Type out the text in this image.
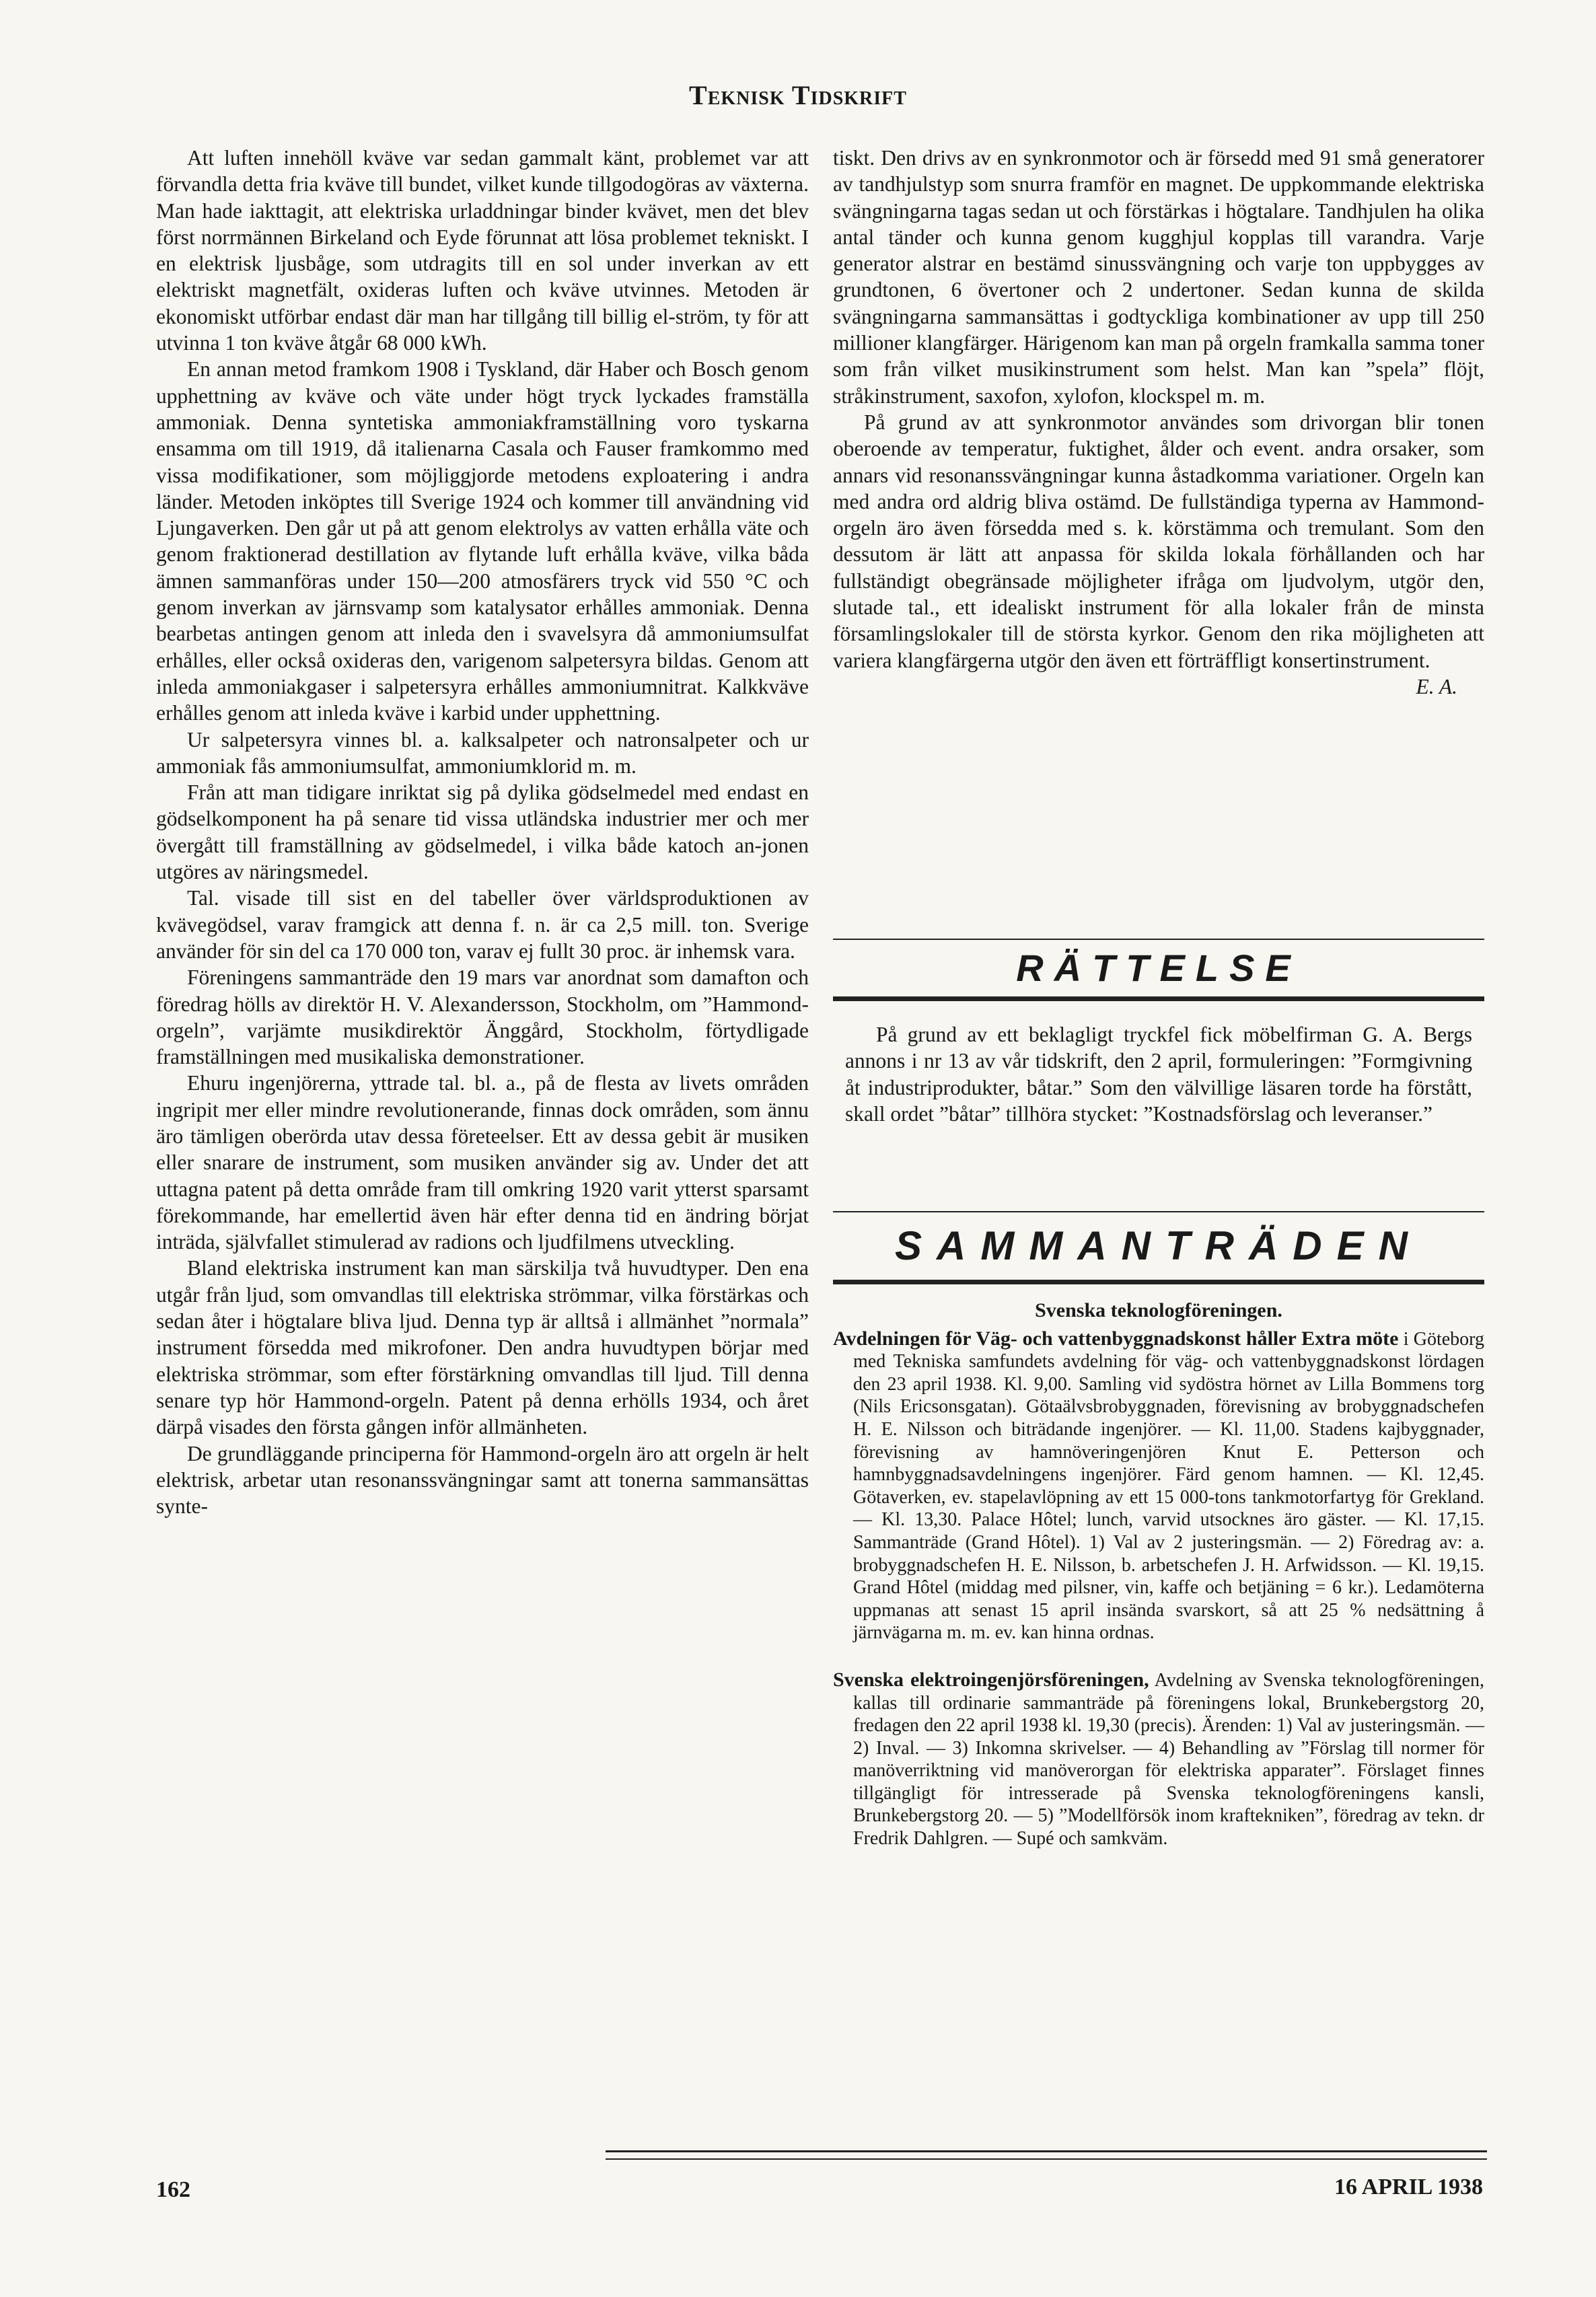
Teknisk Tidskrift

Att luften innehöll kväve var sedan gammalt känt, problemet var att förvandla detta fria kväve till bundet, vilket kunde tillgodogöras av växterna. Man hade iakttagit, att elektriska urladdningar binder kvävet, men det blev först norrmännen Birkeland och Eyde förunnat att lösa problemet tekniskt. I en elektrisk ljusbåge, som utdragits till en sol under inverkan av ett elektriskt magnetfält, oxideras luften och kväve utvinnes. Metoden är ekonomiskt utförbar endast där man har tillgång till billig el-ström, ty för att utvinna 1 ton kväve åtgår 68 000 kWh.

En annan metod framkom 1908 i Tyskland, där Haber och Bosch genom upphettning av kväve och väte under högt tryck lyckades framställa ammoniak. Denna syntetiska ammoniakframställning voro tyskarna ensamma om till 1919, då italienarna Casala och Fauser framkommo med vissa modifikationer, som möjliggjorde metodens exploatering i andra länder. Metoden inköptes till Sverige 1924 och kommer till användning vid Ljungaverken. Den går ut på att genom elektrolys av vatten erhålla väte och genom fraktionerad destillation av flytande luft erhålla kväve, vilka båda ämnen sammanföras under 150—200 atmosfärers tryck vid 550 °C och genom inverkan av järnsvamp som katalysator erhålles ammoniak. Denna bearbetas antingen genom att inleda den i svavelsyra då ammoniumsulfat erhålles, eller också oxideras den, varigenom salpetersyra bildas. Genom att inleda ammoniakgaser i salpetersyra erhålles ammoniumnitrat. Kalkkväve erhålles genom att inleda kväve i karbid under upphettning.

Ur salpetersyra vinnes bl. a. kalksalpeter och natronsalpeter och ur ammoniak fås ammoniumsulfat, ammoniumklorid m. m.

Från att man tidigare inriktat sig på dylika gödselmedel med endast en gödselkomponent ha på senare tid vissa utländska industrier mer och mer övergått till framställning av gödselmedel, i vilka både katoch an-jonen utgöres av näringsmedel.

Tal. visade till sist en del tabeller över världsproduktionen av kvävegödsel, varav framgick att denna f. n. är ca 2,5 mill. ton. Sverige använder för sin del ca 170 000 ton, varav ej fullt 30 proc. är inhemsk vara.

Föreningens sammanträde den 19 mars var anordnat som damafton och föredrag hölls av direktör H. V. Alexandersson, Stockholm, om ”Hammond-orgeln”, varjämte musikdirektör Änggård, Stockholm, förtydligade framställningen med musikaliska demonstrationer.

Ehuru ingenjörerna, yttrade tal. bl. a., på de flesta av livets områden ingripit mer eller mindre revolutionerande, finnas dock områden, som ännu äro tämligen oberörda utav dessa företeelser. Ett av dessa gebit är musiken eller snarare de instrument, som musiken använder sig av. Under det att uttagna patent på detta område fram till omkring 1920 varit ytterst sparsamt förekommande, har emellertid även här efter denna tid en ändring börjat inträda, självfallet stimulerad av radions och ljudfilmens utveckling.

Bland elektriska instrument kan man särskilja två huvudtyper. Den ena utgår från ljud, som omvandlas till elektriska strömmar, vilka förstärkas och sedan åter i högtalare bliva ljud. Denna typ är alltså i allmänhet ”normala” instrument försedda med mikrofoner. Den andra huvudtypen börjar med elektriska strömmar, som efter förstärkning omvandlas till ljud. Till denna senare typ hör Hammond-orgeln. Patent på denna erhölls 1934, och året därpå visades den första gången inför allmänheten.

De grundläggande principerna för Hammond-orgeln äro att orgeln är helt elektrisk, arbetar utan resonanssvängningar samt att tonerna sammansättas synte-

tiskt. Den drivs av en synkronmotor och är försedd med 91 små generatorer av tandhjulstyp som snurra framför en magnet. De uppkommande elektriska svängningarna tagas sedan ut och förstärkas i högtalare. Tandhjulen ha olika antal tänder och kunna genom kugghjul kopplas till varandra. Varje generator alstrar en bestämd sinussvängning och varje ton uppbygges av grundtonen, 6 övertoner och 2 undertoner. Sedan kunna de skilda svängningarna sammansättas i godtyckliga kombinationer av upp till 250 millioner klangfärger. Härigenom kan man på orgeln framkalla samma toner som från vilket musikinstrument som helst. Man kan ”spela” flöjt, stråkinstrument, saxofon, xylofon, klockspel m. m.

På grund av att synkronmotor användes som drivorgan blir tonen oberoende av temperatur, fuktighet, ålder och event. andra orsaker, som annars vid resonanssvängningar kunna åstadkomma variationer. Orgeln kan med andra ord aldrig bliva ostämd. De fullständiga typerna av Hammond-orgeln äro även försedda med s. k. körstämma och tremulant. Som den dessutom är lätt att anpassa för skilda lokala förhållanden och har fullständigt obegränsade möjligheter ifråga om ljudvolym, utgör den, slutade tal., ett idealiskt instrument för alla lokaler från de minsta församlingslokaler till de största kyrkor. Genom den rika möjligheten att variera klangfärgerna utgör den även ett förträffligt konsertinstrument.
E. A.

RÄTTELSE

På grund av ett beklagligt tryckfel fick möbelfirman G. A. Bergs annons i nr 13 av vår tidskrift, den 2 april, formuleringen: ”Formgivning åt industriprodukter, båtar.” Som den välvillige läsaren torde ha förstått, skall ordet ”båtar” tillhöra stycket: ”Kostnadsförslag och leveranser.”

SAMMANTRÄDEN
Svenska teknologföreningen.

Avdelningen för Väg- och vattenbyggnadskonst håller Extra möte i Göteborg med Tekniska samfundets avdelning för väg- och vattenbyggnadskonst lördagen den 23 april 1938. Kl. 9,00. Samling vid sydöstra hörnet av Lilla Bommens torg (Nils Ericsonsgatan). Götaälvsbrobyggnaden, förevisning av brobyggnadschefen H. E. Nilsson och biträdande ingenjörer. — Kl. 11,00. Stadens kajbyggnader, förevisning av hamnöveringenjören Knut E. Petterson och hamnbyggnadsavdelningens ingenjörer. Färd genom hamnen. — Kl. 12,45. Götaverken, ev. stapelavlöpning av ett 15 000-tons tankmotorfartyg för Grekland. — Kl. 13,30. Palace Hôtel; lunch, varvid utsocknes äro gäster. — Kl. 17,15. Sammanträde (Grand Hôtel). 1) Val av 2 justeringsmän. — 2) Föredrag av: a. brobyggnadschefen H. E. Nilsson, b. arbetschefen J. H. Arfwidsson. — Kl. 19,15. Grand Hôtel (middag med pilsner, vin, kaffe och betjäning = 6 kr.). Ledamöterna uppmanas att senast 15 april insända svarskort, så att 25 % nedsättning å järnvägarna m. m. ev. kan hinna ordnas.

Svenska elektroingenjörsföreningen, Avdelning av Svenska teknologföreningen, kallas till ordinarie sammanträde på föreningens lokal, Brunkebergstorg 20, fredagen den 22 april 1938 kl. 19,30 (precis). Ärenden: 1) Val av justeringsmän. — 2) Inval. — 3) Inkomna skrivelser. — 4) Behandling av ”Förslag till normer för manöverriktning vid manöverorgan för elektriska apparater”. Förslaget finnes tillgängligt för intresserade på Svenska teknologföreningens kansli, Brunkebergstorg 20. — 5) ”Modellförsök inom kraftekniken”, föredrag av tekn. dr Fredrik Dahlgren. — Supé och samkväm.

162	16 APRIL 1938
